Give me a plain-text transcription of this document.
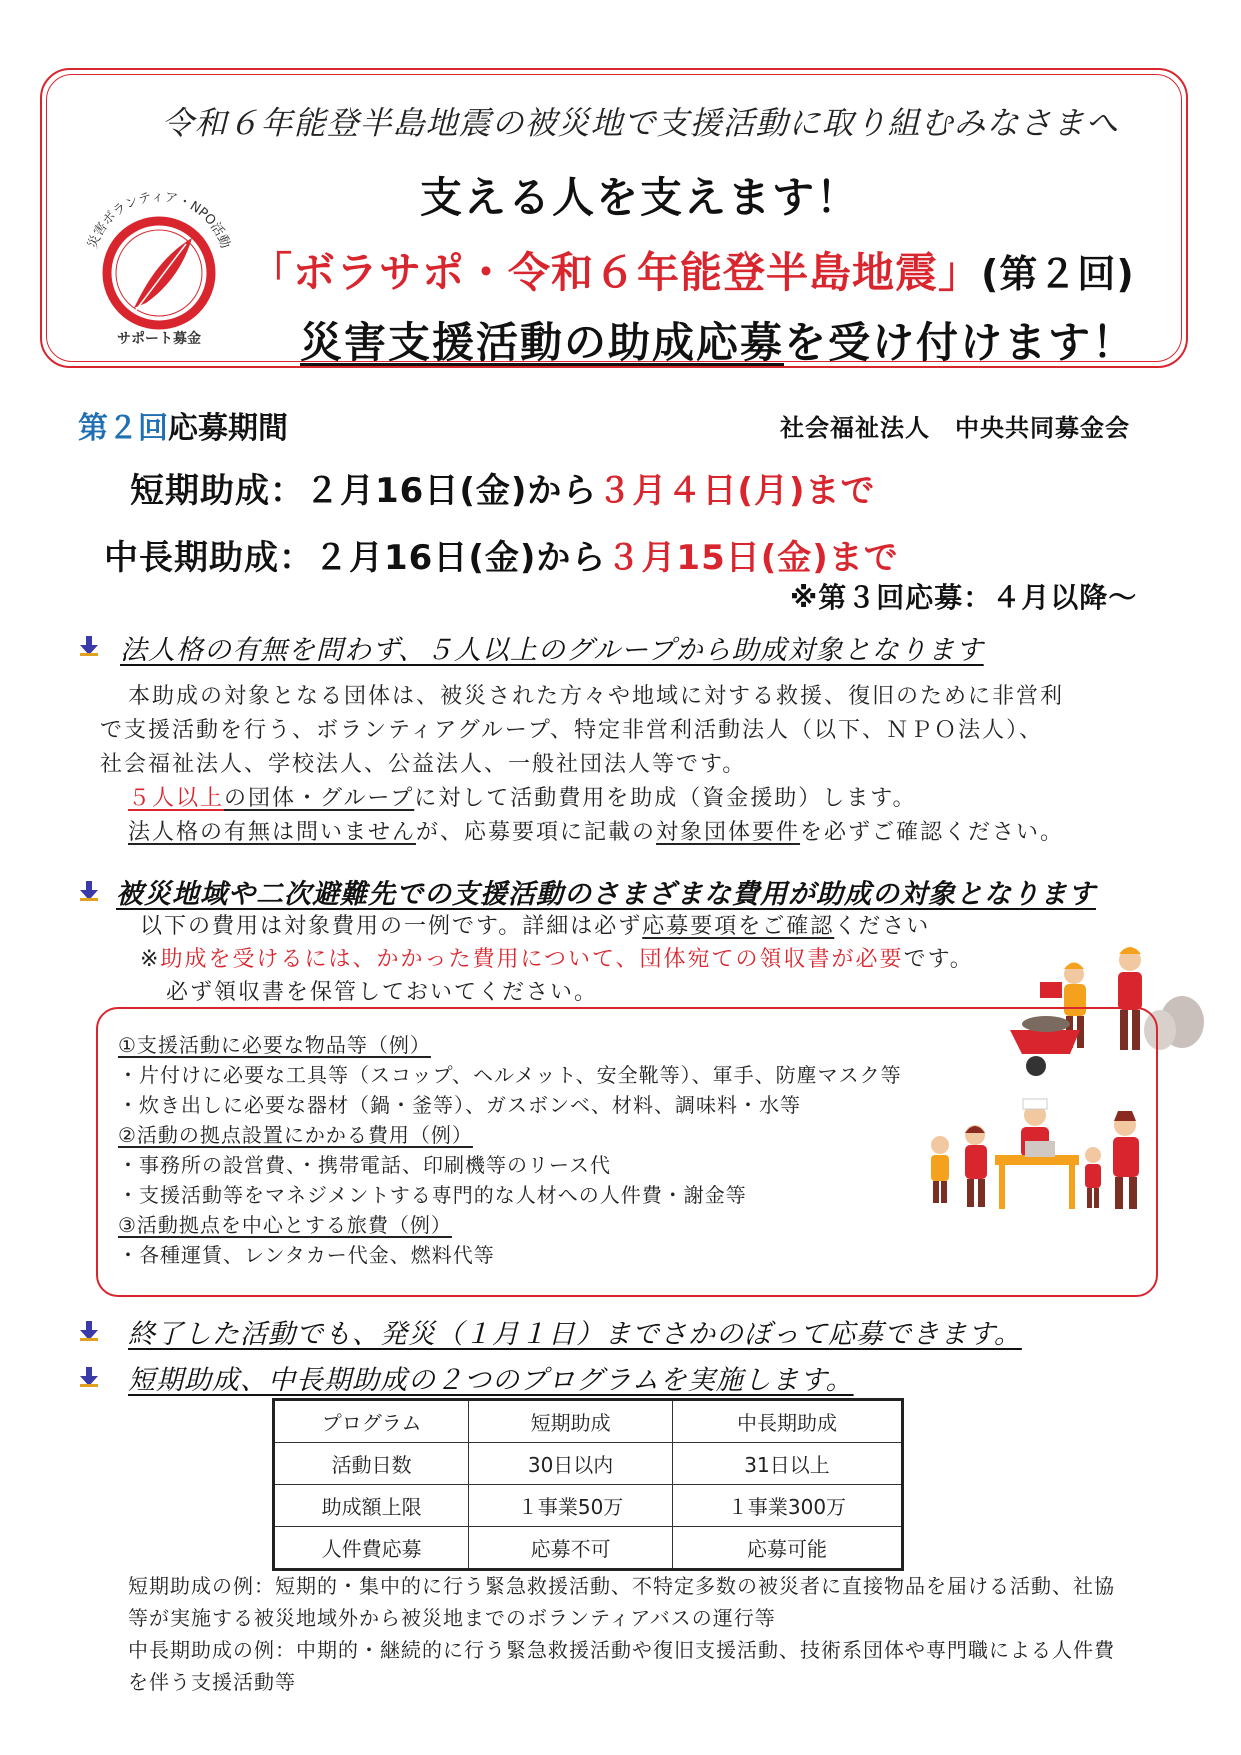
令和６年能登半島地震の被災地で支援活動に取り組むみなさまへ
支える人を支えます！
「ボラサポ・令和６年能登半島地震」(第２回)
災害支援活動の助成応募を受け付けます！
災害ボランティア・NPO活動
サポート募金
第２回応募期間	社会福祉法人　中央共同募金会
短期助成：２月16日(金)から３月４日(月)まで
中長期助成：２月16日(金)から３月15日(金)まで
※第３回応募：４月以降～
法人格の有無を問わず、５人以上のグループから助成対象となります
本助成の対象となる団体は、被災された方々や地域に対する救援、復旧のために非営利
で支援活動を行う、ボランティアグループ、特定非営利活動法人（以下、ＮＰＯ法人）、
社会福祉法人、学校法人、公益法人、一般社団法人等です。
５人以上の団体・グループに対して活動費用を助成（資金援助）します。
法人格の有無は問いませんが、応募要項に記載の対象団体要件を必ずご確認ください。
被災地域や二次避難先での支援活動のさまざまな費用が助成の対象となります
以下の費用は対象費用の一例です。詳細は必ず応募要項をご確認ください
※助成を受けるには、かかった費用について、団体宛ての領収書が必要です。
必ず領収書を保管しておいてください。
①支援活動に必要な物品等（例）
・片付けに必要な工具等（スコップ、ヘルメット、安全靴等）、軍手、防塵マスク等
・炊き出しに必要な器材（鍋・釜等）、ガスボンベ、材料、調味料・水等
②活動の拠点設置にかかる費用（例）
・事務所の設営費、・携帯電話、印刷機等のリース代
・支援活動等をマネジメントする専門的な人材への人件費・謝金等
③活動拠点を中心とする旅費（例）
・各種運賃、レンタカー代金、燃料代等
終了した活動でも、発災（１月１日）までさかのぼって応募できます。
短期助成、中長期助成の２つのプログラムを実施します。
プログラム	短期助成	中長期助成
活動日数	30日以内	31日以上
助成額上限	１事業50万	１事業300万
人件費応募	応募不可	応募可能
短期助成の例：短期的・集中的に行う緊急救援活動、不特定多数の被災者に直接物品を届ける活動、社協
等が実施する被災地域外から被災地までのボランティアバスの運行等
中長期助成の例：中期的・継続的に行う緊急救援活動や復旧支援活動、技術系団体や専門職による人件費
を伴う支援活動等
